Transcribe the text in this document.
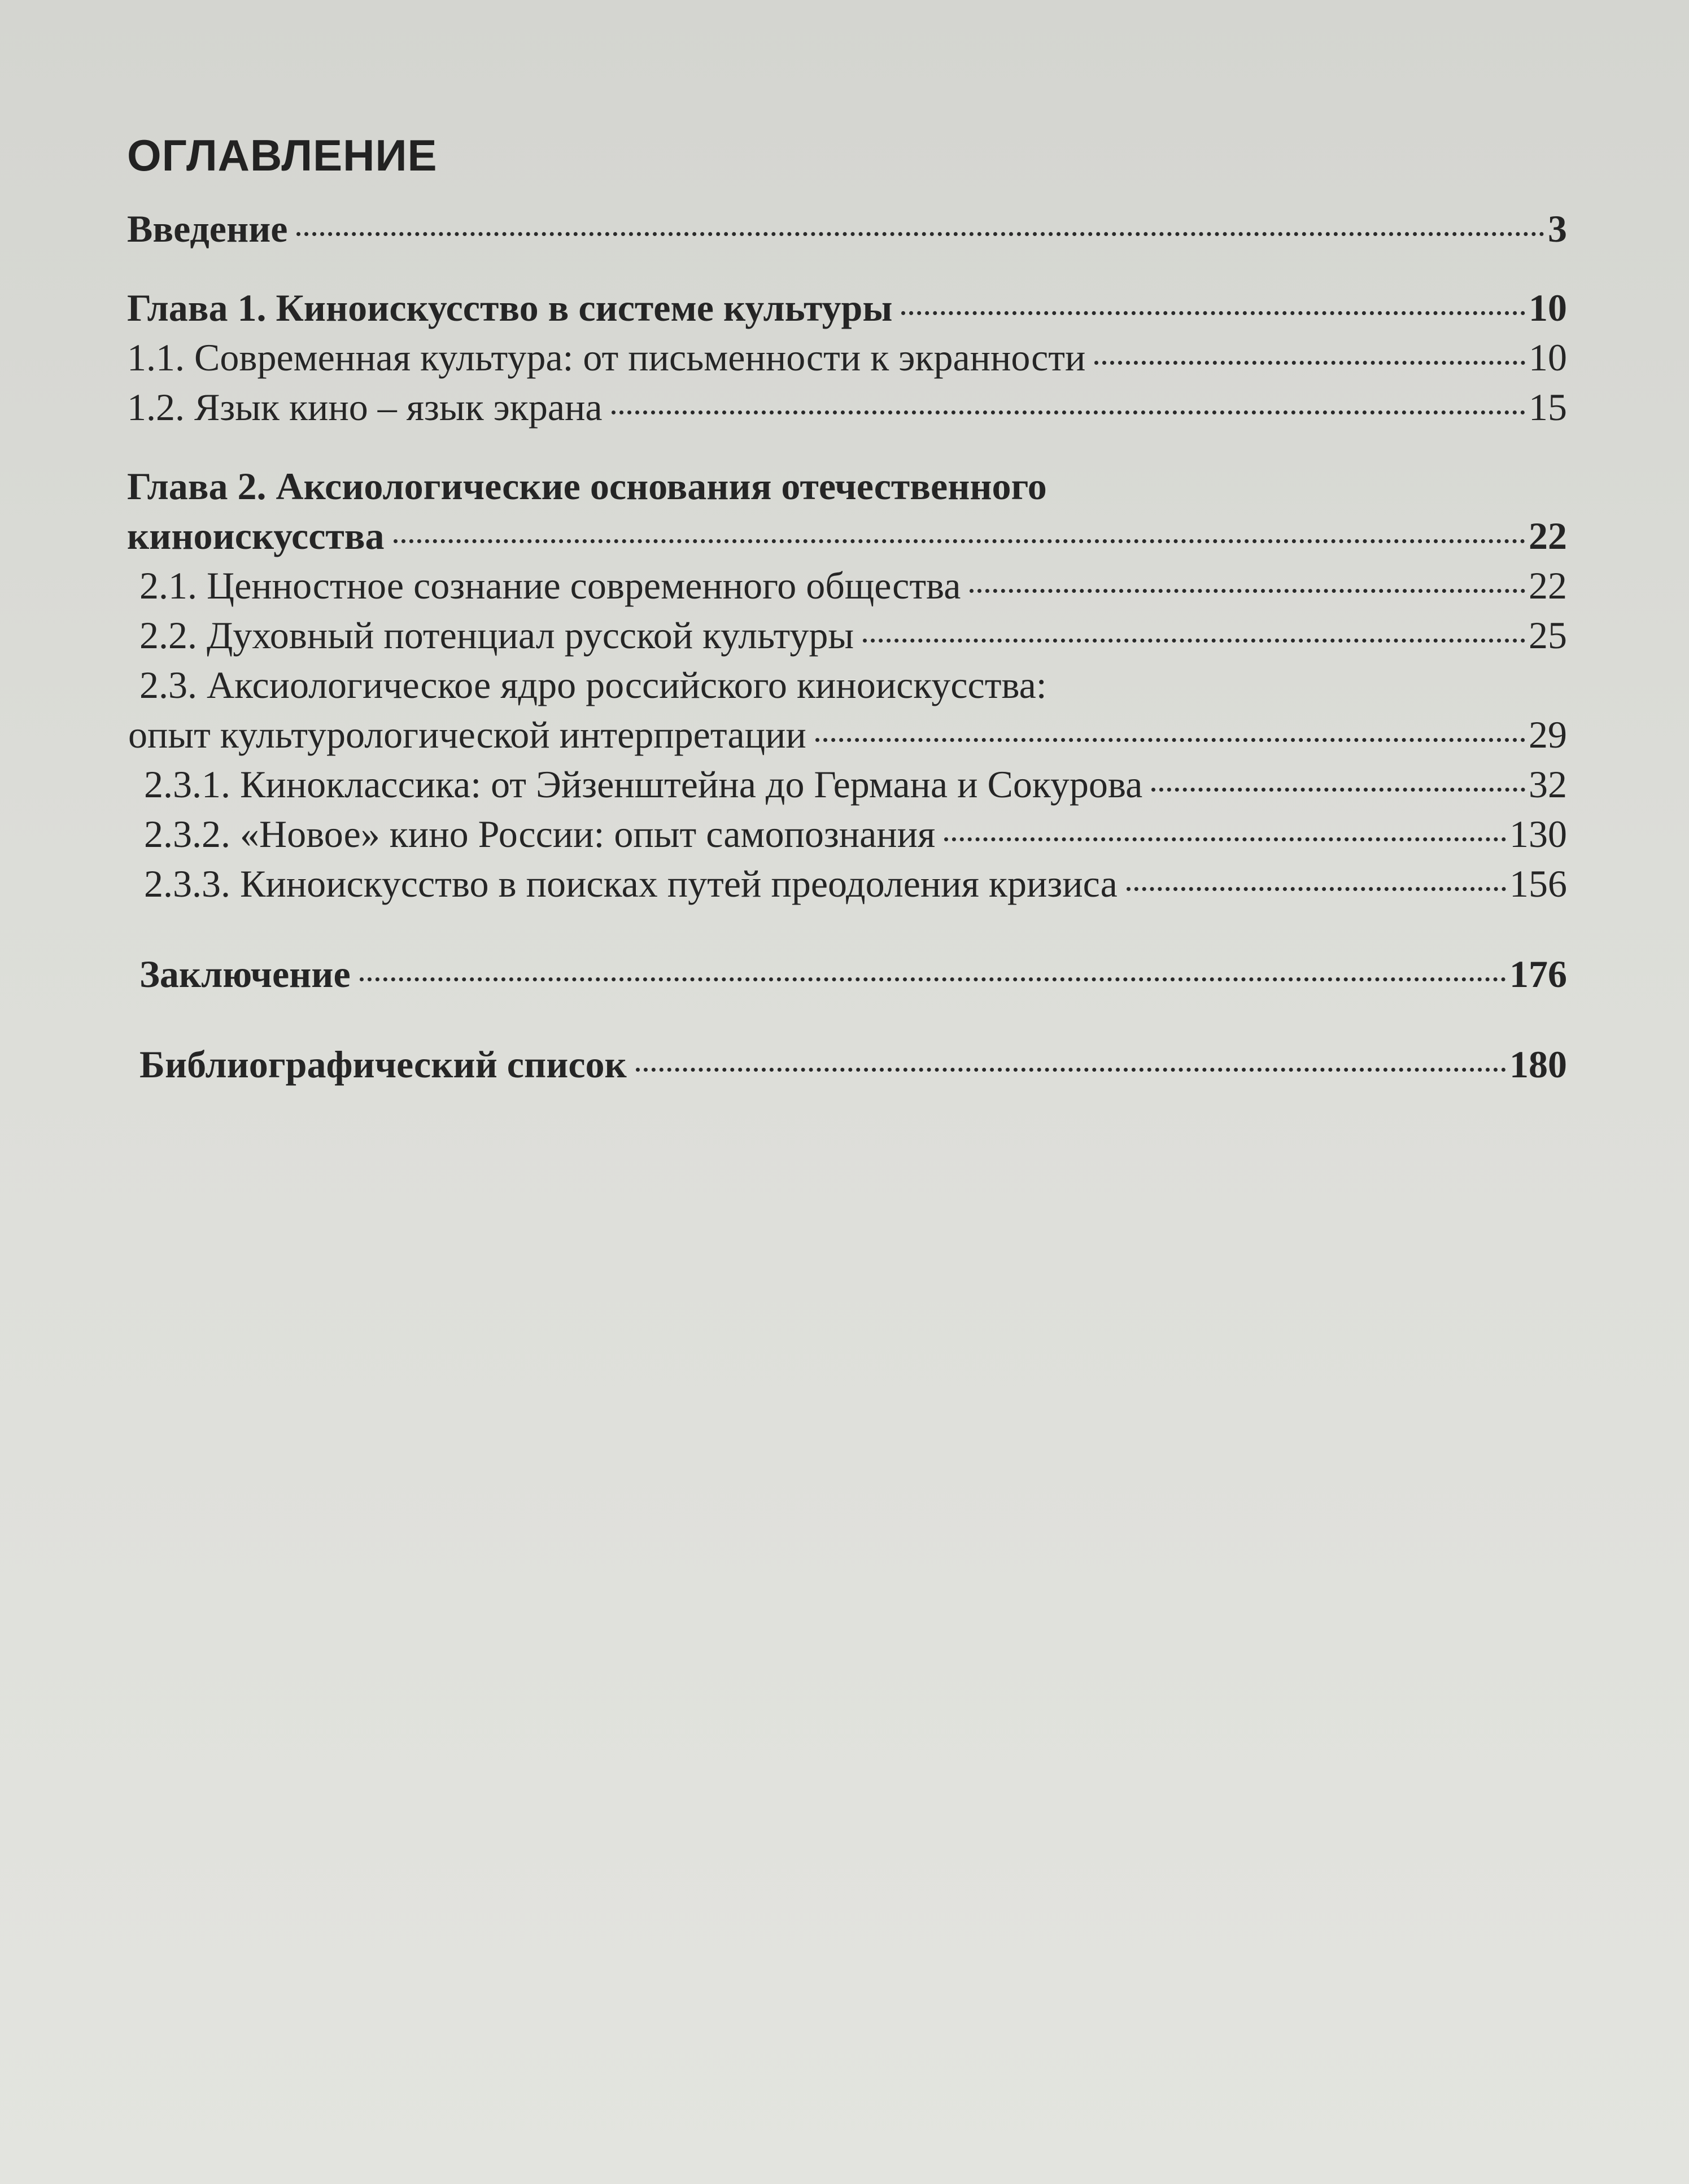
ОГЛАВЛЕНИЕ
Введение	3
Глава 1. Киноискусство в системе культуры	10
1.1. Современная культура: от письменности к экранности	10
1.2. Язык кино – язык экрана	15
Глава 2. Аксиологические основания отечественного
киноискусства	22
2.1. Ценностное сознание современного общества	22
2.2. Духовный потенциал русской культуры	25
2.3. Аксиологическое ядро российского киноискусства:
опыт культурологической интерпретации	29
2.3.1. Киноклассика: от Эйзенштейна до Германа и Сокурова	32
2.3.2. «Новое» кино России: опыт самопознания	130
2.3.3. Киноискусство в поисках путей преодоления кризиса	156
Заключение	176
Библиографический список	180
